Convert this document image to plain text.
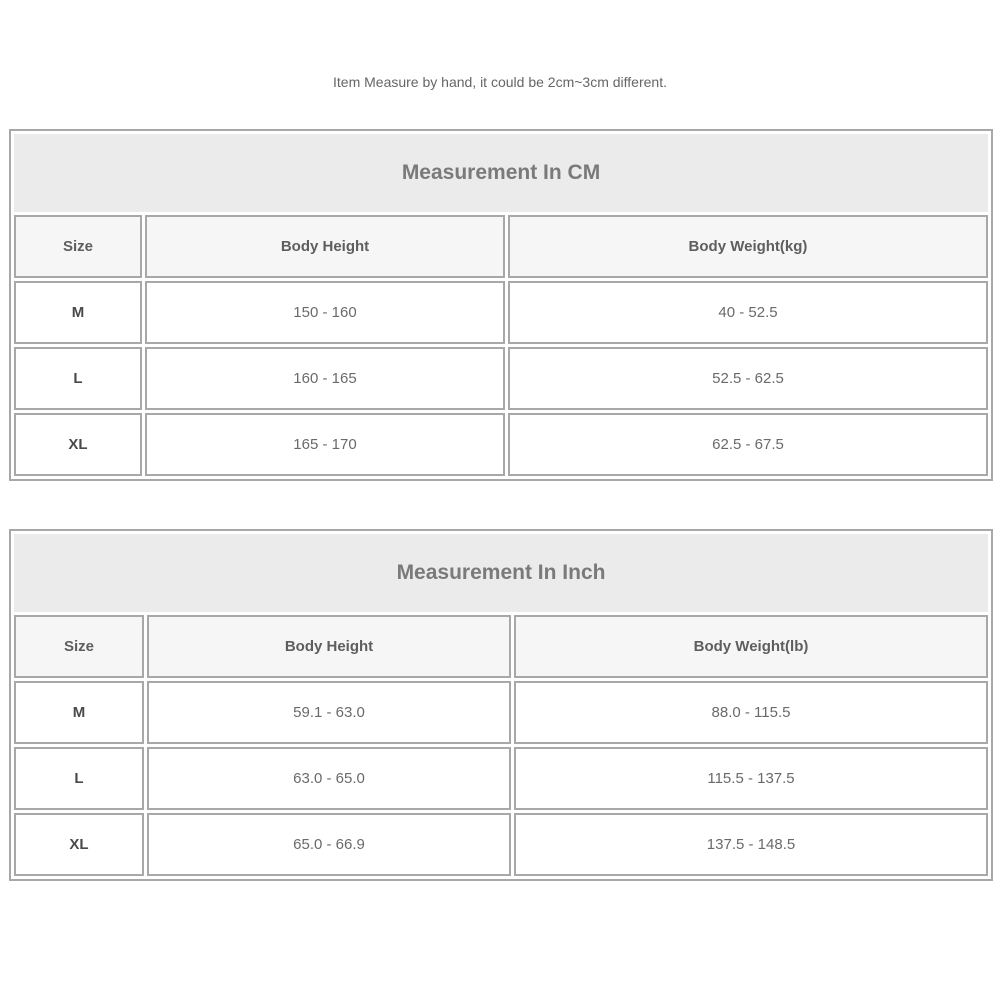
Item Measure by hand, it could be 2cm~3cm different.
Measurement In CM		
Size	Body Height	Body Weight(kg)
M	150 - 160	40 - 52.5
L	160 - 165	52.5 - 62.5
XL	165 - 170	62.5 - 67.5
Measurement In Inch		
Size	Body Height	Body Weight(lb)
M	59.1 - 63.0	88.0 - 115.5
L	63.0 - 65.0	115.5 - 137.5
XL	65.0 - 66.9	137.5 - 148.5
